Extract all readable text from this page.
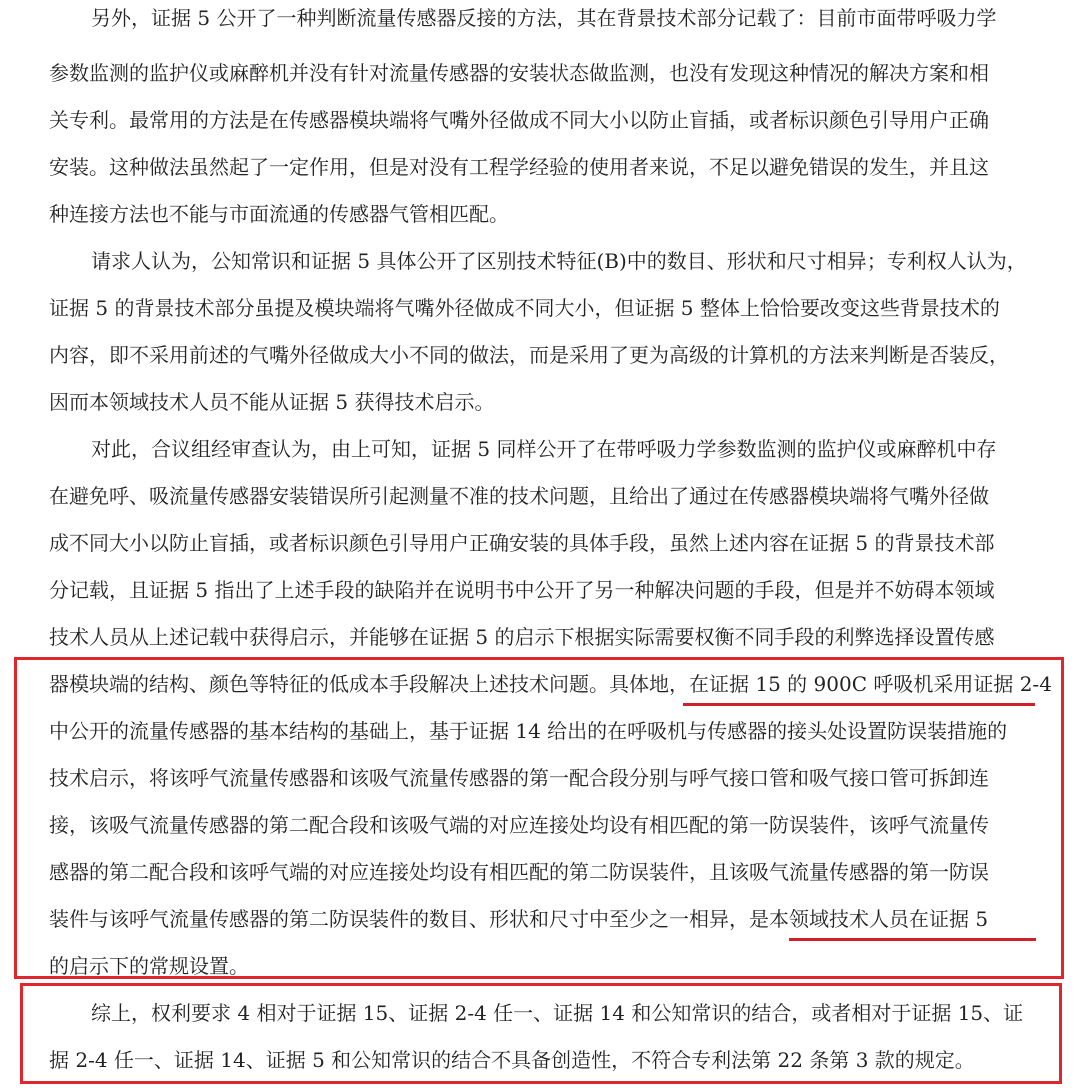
另外，证据 5 公开了一种判断流量传感器反接的方法，其在背景技术部分记载了：目前市面带呼吸力学
参数监测的监护仪或麻醉机并没有针对流量传感器的安装状态做监测，也没有发现这种情况的解决方案和相
关专利。最常用的方法是在传感器模块端将气嘴外径做成不同大小以防止盲插，或者标识颜色引导用户正确
安装。这种做法虽然起了一定作用，但是对没有工程学经验的使用者来说，不足以避免错误的发生，并且这
种连接方法也不能与市面流通的传感器气管相匹配。
请求人认为，公知常识和证据 5 具体公开了区别技术特征(B)中的数目、形状和尺寸相异；专利权人认为，
证据 5 的背景技术部分虽提及模块端将气嘴外径做成不同大小，但证据 5 整体上恰恰要改变这些背景技术的
内容，即不采用前述的气嘴外径做成大小不同的做法，而是采用了更为高级的计算机的方法来判断是否装反，
因而本领域技术人员不能从证据 5 获得技术启示。
对此，合议组经审查认为，由上可知，证据 5 同样公开了在带呼吸力学参数监测的监护仪或麻醉机中存
在避免呼、吸流量传感器安装错误所引起测量不准的技术问题，且给出了通过在传感器模块端将气嘴外径做
成不同大小以防止盲插，或者标识颜色引导用户正确安装的具体手段，虽然上述内容在证据 5 的背景技术部
分记载，且证据 5 指出了上述手段的缺陷并在说明书中公开了另一种解决问题的手段，但是并不妨碍本领域
技术人员从上述记载中获得启示，并能够在证据 5 的启示下根据实际需要权衡不同手段的利弊选择设置传感
器模块端的结构、颜色等特征的低成本手段解决上述技术问题。具体地，在证据 15 的 900C 呼吸机采用证据 2-4
中公开的流量传感器的基本结构的基础上，基于证据 14 给出的在呼吸机与传感器的接头处设置防误装措施的
技术启示，将该呼气流量传感器和该吸气流量传感器的第一配合段分别与呼气接口管和吸气接口管可拆卸连
接，该吸气流量传感器的第二配合段和该吸气端的对应连接处均设有相匹配的第一防误装件，该呼气流量传
感器的第二配合段和该呼气端的对应连接处均设有相匹配的第二防误装件，且该吸气流量传感器的第一防误
装件与该呼气流量传感器的第二防误装件的数目、形状和尺寸中至少之一相异，是本领域技术人员在证据 5
的启示下的常规设置。
综上，权利要求 4 相对于证据 15、证据 2-4 任一、证据 14 和公知常识的结合，或者相对于证据 15、证
据 2-4 任一、证据 14、证据 5 和公知常识的结合不具备创造性，不符合专利法第 22 条第 3 款的规定。
